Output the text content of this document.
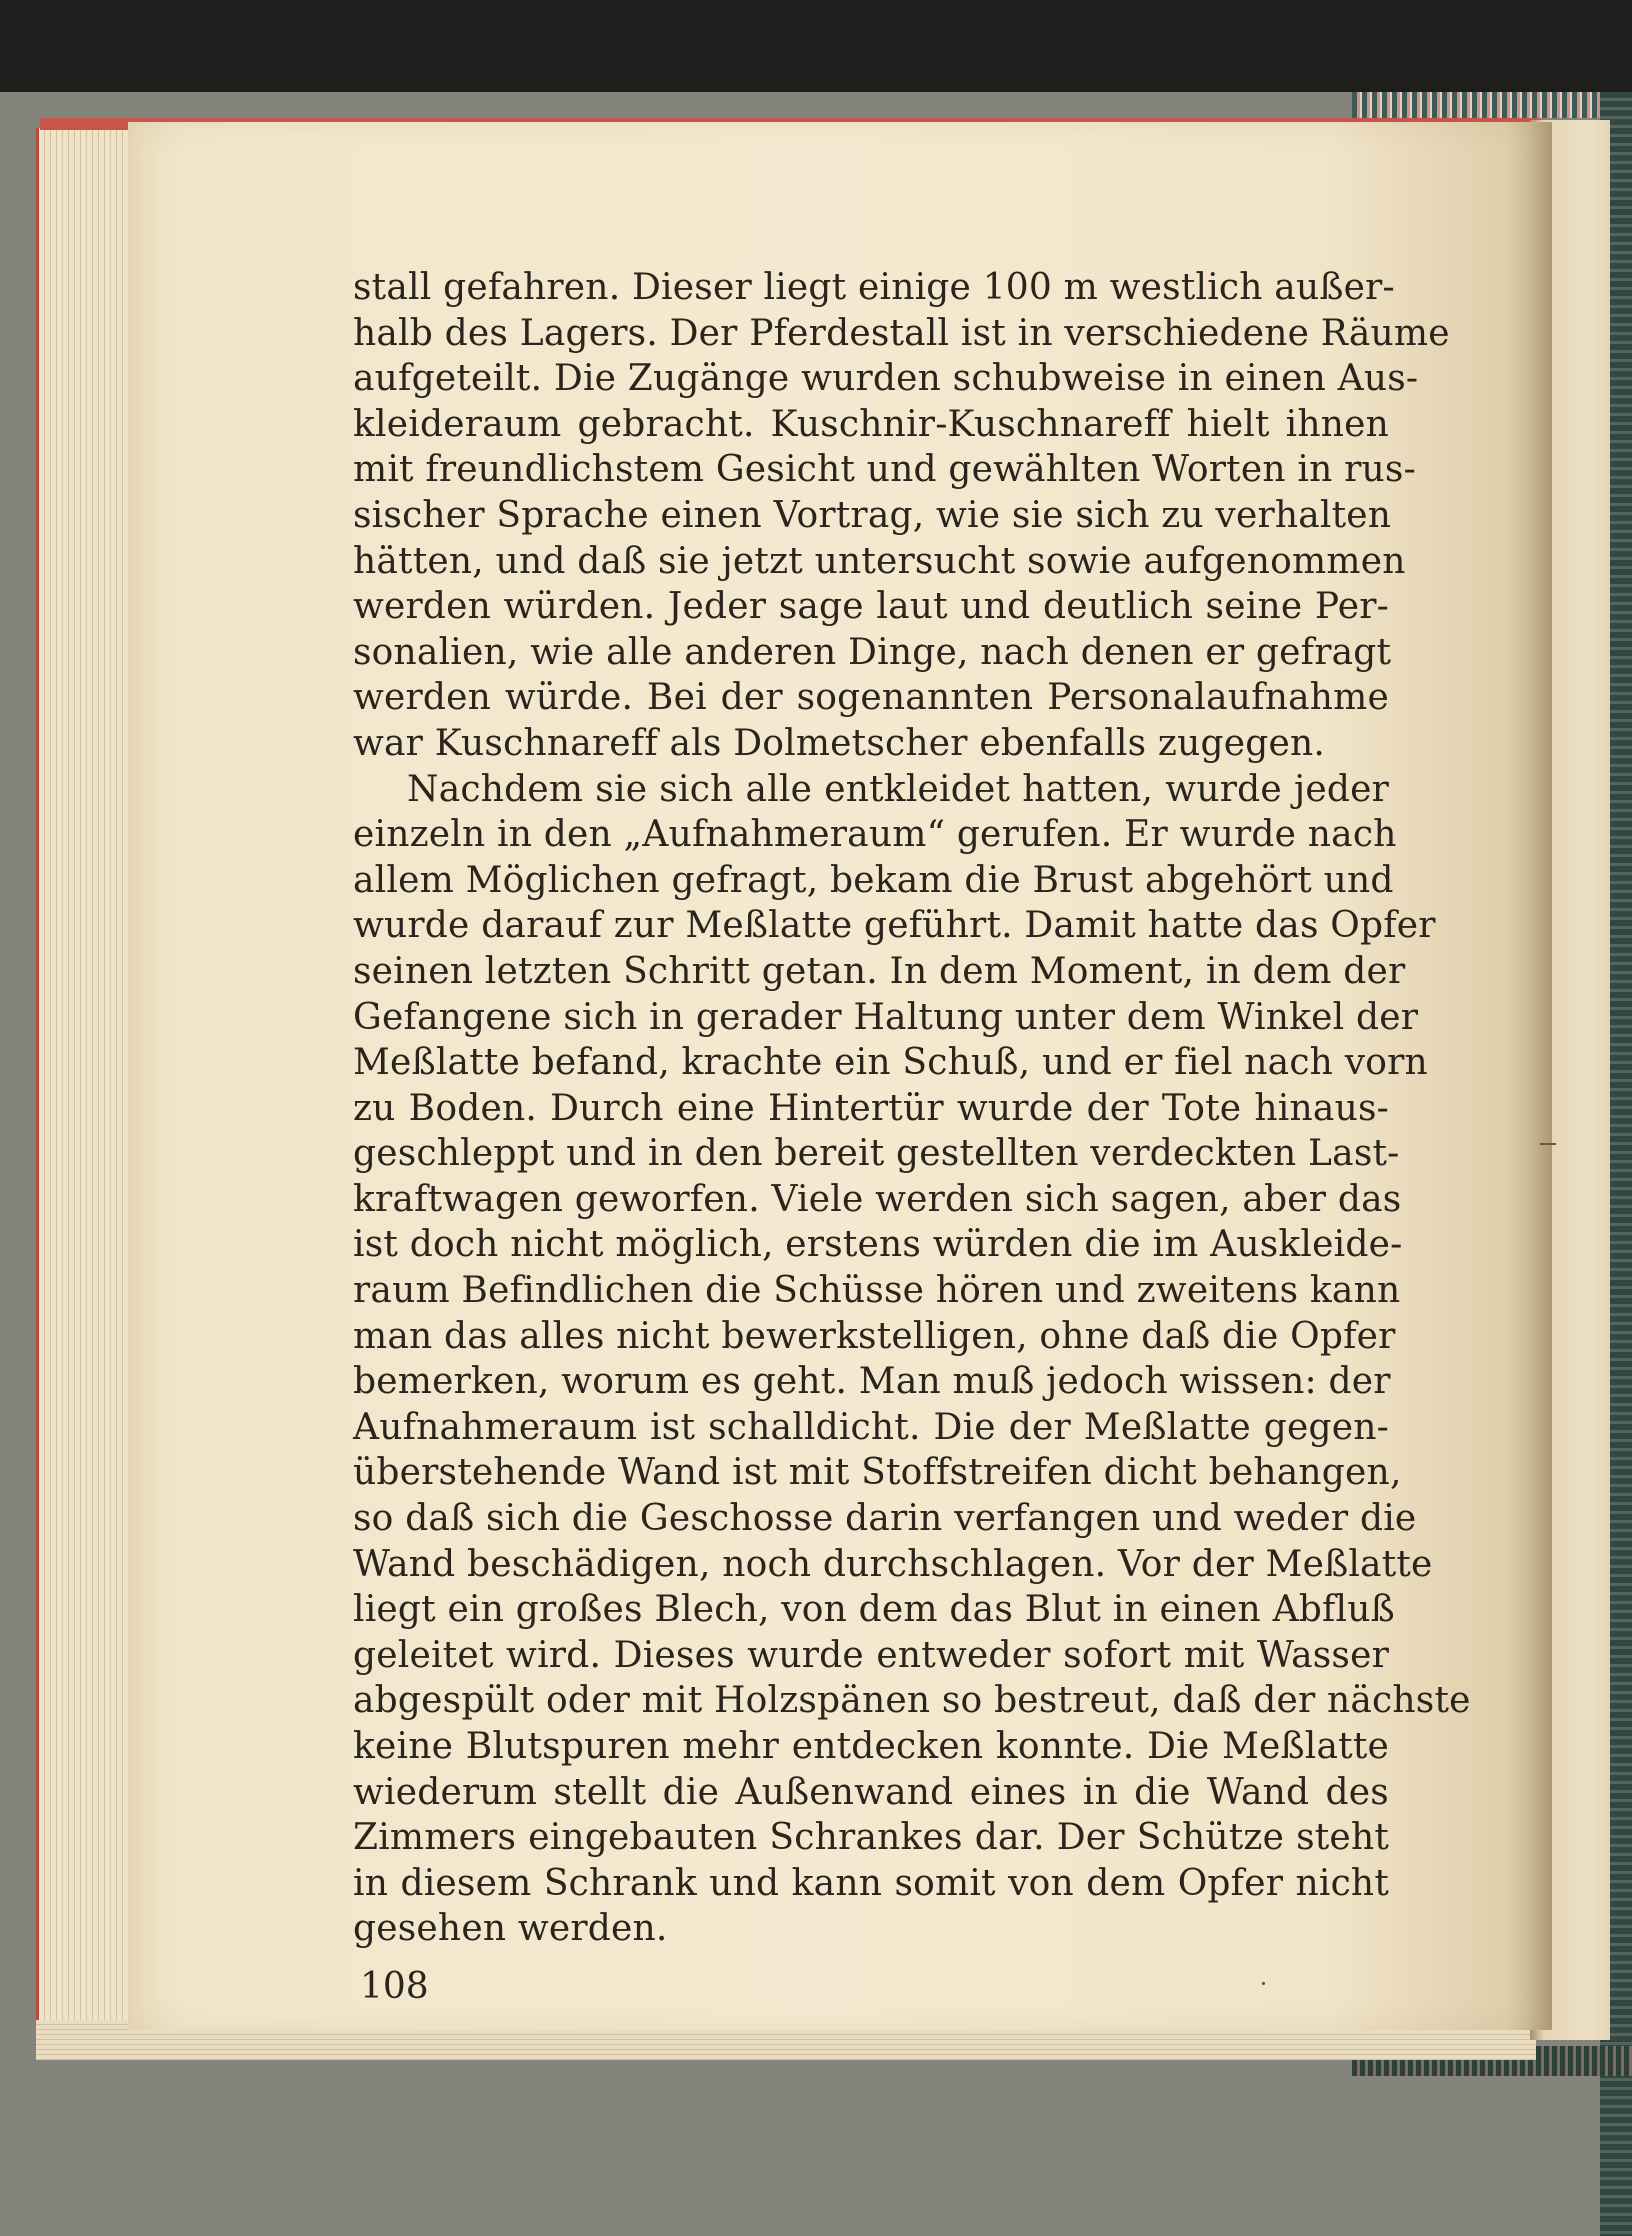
stall gefahren. Dieser liegt einige 100 m westlich außer-
halb des Lagers. Der Pferdestall ist in verschiedene Räume
aufgeteilt. Die Zugänge wurden schubweise in einen Aus-
kleideraum gebracht. Kuschnir-Kuschnareff hielt ihnen
mit freundlichstem Gesicht und gewählten Worten in rus-
sischer Sprache einen Vortrag, wie sie sich zu verhalten
hätten, und daß sie jetzt untersucht sowie aufgenommen
werden würden. Jeder sage laut und deutlich seine Per-
sonalien, wie alle anderen Dinge, nach denen er gefragt
werden würde. Bei der sogenannten Personalaufnahme
war Kuschnareff als Dolmetscher ebenfalls zugegen.
Nachdem sie sich alle entkleidet hatten, wurde jeder
einzeln in den „Aufnahmeraum“ gerufen. Er wurde nach
allem Möglichen gefragt, bekam die Brust abgehört und
wurde darauf zur Meßlatte geführt. Damit hatte das Opfer
seinen letzten Schritt getan. In dem Moment, in dem der
Gefangene sich in gerader Haltung unter dem Winkel der
Meßlatte befand, krachte ein Schuß, und er fiel nach vorn
zu Boden. Durch eine Hintertür wurde der Tote hinaus-
geschleppt und in den bereit gestellten verdeckten Last-
kraftwagen geworfen. Viele werden sich sagen, aber das
ist doch nicht möglich, erstens würden die im Auskleide-
raum Befindlichen die Schüsse hören und zweitens kann
man das alles nicht bewerkstelligen, ohne daß die Opfer
bemerken, worum es geht. Man muß jedoch wissen: der
Aufnahmeraum ist schalldicht. Die der Meßlatte gegen-
überstehende Wand ist mit Stoffstreifen dicht behangen,
so daß sich die Geschosse darin verfangen und weder die
Wand beschädigen, noch durchschlagen. Vor der Meßlatte
liegt ein großes Blech, von dem das Blut in einen Abfluß
geleitet wird. Dieses wurde entweder sofort mit Wasser
abgespült oder mit Holzspänen so bestreut, daß der nächste
keine Blutspuren mehr entdecken konnte. Die Meßlatte
wiederum stellt die Außenwand eines in die Wand des
Zimmers eingebauten Schrankes dar. Der Schütze steht
in diesem Schrank und kann somit von dem Opfer nicht
gesehen werden.
108
